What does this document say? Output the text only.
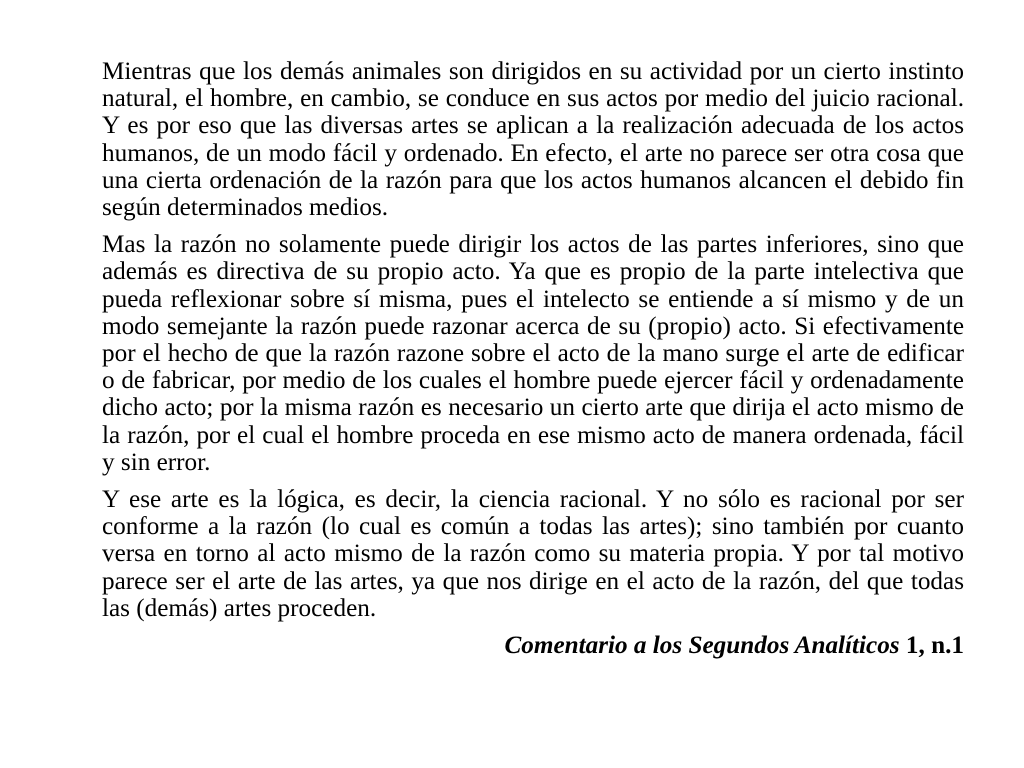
Mientras que los demás animales son dirigidos en su actividad por un cierto instinto natural, el hombre, en cambio, se conduce en sus actos por medio del juicio racional. Y es por eso que las diversas artes se aplican a la realización adecuada de los actos humanos, de un modo fácil y ordenado. En efecto, el arte no parece ser otra cosa que una cierta ordenación de la razón para que los actos humanos alcancen el debido fin según determinados medios.

Mas la razón no solamente puede dirigir los actos de las partes inferiores, sino que además es directiva de su propio acto. Ya que es propio de la parte intelectiva que pueda reflexionar sobre sí misma, pues el intelecto se entiende a sí mismo y de un modo semejante la razón puede razonar acerca de su (propio) acto. Si efectivamente por el hecho de que la razón razone sobre el acto de la mano surge el arte de edificar o de fabricar, por medio de los cuales el hombre puede ejercer fácil y ordenadamente dicho acto; por la misma razón es necesario un cierto arte que dirija el acto mismo de la razón, por el cual el hombre proceda en ese mismo acto de manera ordenada, fácil y sin error.

Y ese arte es la lógica, es decir, la ciencia racional. Y no sólo es racional por ser conforme a la razón (lo cual es común a todas las artes); sino también por cuanto versa en torno al acto mismo de la razón como su materia propia. Y por tal motivo parece ser el arte de las artes, ya que nos dirige en el acto de la razón, del que todas las (demás) artes proceden.

Comentario a los Segundos Analíticos 1, n.1
